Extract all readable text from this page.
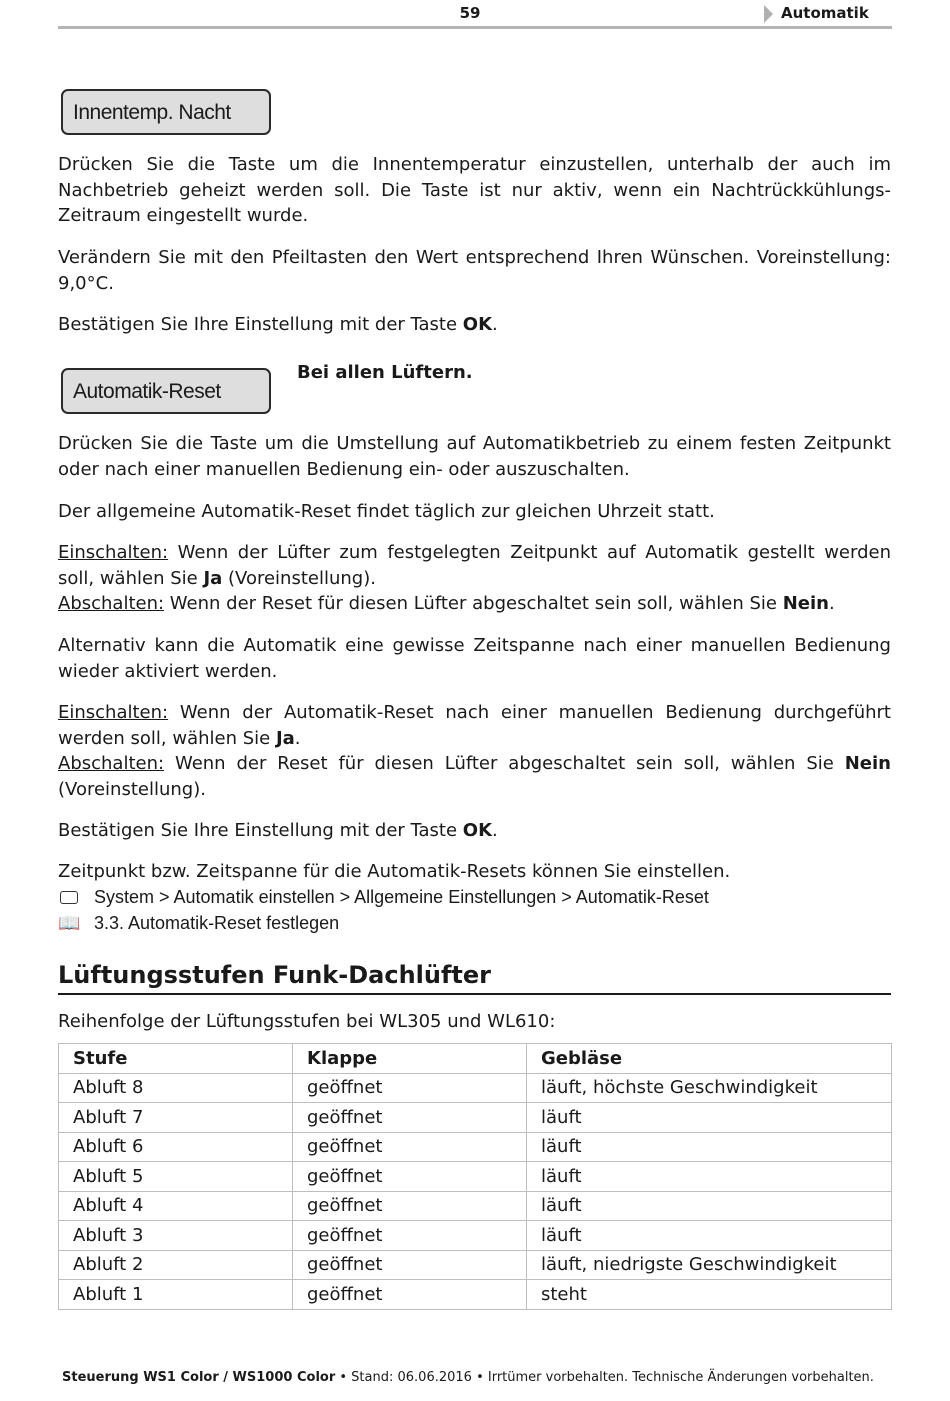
59	Automatik
Innentemp. Nacht

Drücken Sie die Taste um die Innentemperatur einzustellen, unterhalb der auch im Nachbetrieb geheizt werden soll. Die Taste ist nur aktiv, wenn ein Nachtrückkühlungs-Zeitraum eingestellt wurde.

Verändern Sie mit den Pfeiltasten den Wert entsprechend Ihren Wünschen. Voreinstellung: 9,0°C.

Bestätigen Sie Ihre Einstellung mit der Taste OK.

Automatik-Reset
Bei allen Lüftern.

Drücken Sie die Taste um die Umstellung auf Automatikbetrieb zu einem festen Zeitpunkt oder nach einer manuellen Bedienung ein- oder auszuschalten.

Der allgemeine Automatik-Reset findet täglich zur gleichen Uhrzeit statt.

Einschalten: Wenn der Lüfter zum festgelegten Zeitpunkt auf Automatik gestellt werden soll, wählen Sie Ja (Voreinstellung).
Abschalten: Wenn der Reset für diesen Lüfter abgeschaltet sein soll, wählen Sie Nein.

Alternativ kann die Automatik eine gewisse Zeitspanne nach einer manuellen Bedienung wieder aktiviert werden.

Einschalten: Wenn der Automatik-Reset nach einer manuellen Bedienung durchgeführt werden soll, wählen Sie Ja.
Abschalten: Wenn der Reset für diesen Lüfter abgeschaltet sein soll, wählen Sie Nein (Voreinstellung).

Bestätigen Sie Ihre Einstellung mit der Taste OK.

Zeitpunkt bzw. Zeitspanne für die Automatik-Resets können Sie einstellen.

System > Automatik einstellen > Allgemeine Einstellungen > Automatik-Reset
📖 3.3. Automatik-Reset festlegen
Lüftungsstufen Funk-Dachlüfter

Reihenfolge der Lüftungsstufen bei WL305 und WL610:

Stufe	Klappe	Gebläse
Abluft 8	geöffnet	läuft, höchste Geschwindigkeit
Abluft 7	geöffnet	läuft
Abluft 6	geöffnet	läuft
Abluft 5	geöffnet	läuft
Abluft 4	geöffnet	läuft
Abluft 3	geöffnet	läuft
Abluft 2	geöffnet	läuft, niedrigste Geschwindigkeit
Abluft 1	geöffnet	steht
Steuerung WS1 Color / WS1000 Color • Stand: 06.06.2016 • Irrtümer vorbehalten. Technische Änderungen vorbehalten.
